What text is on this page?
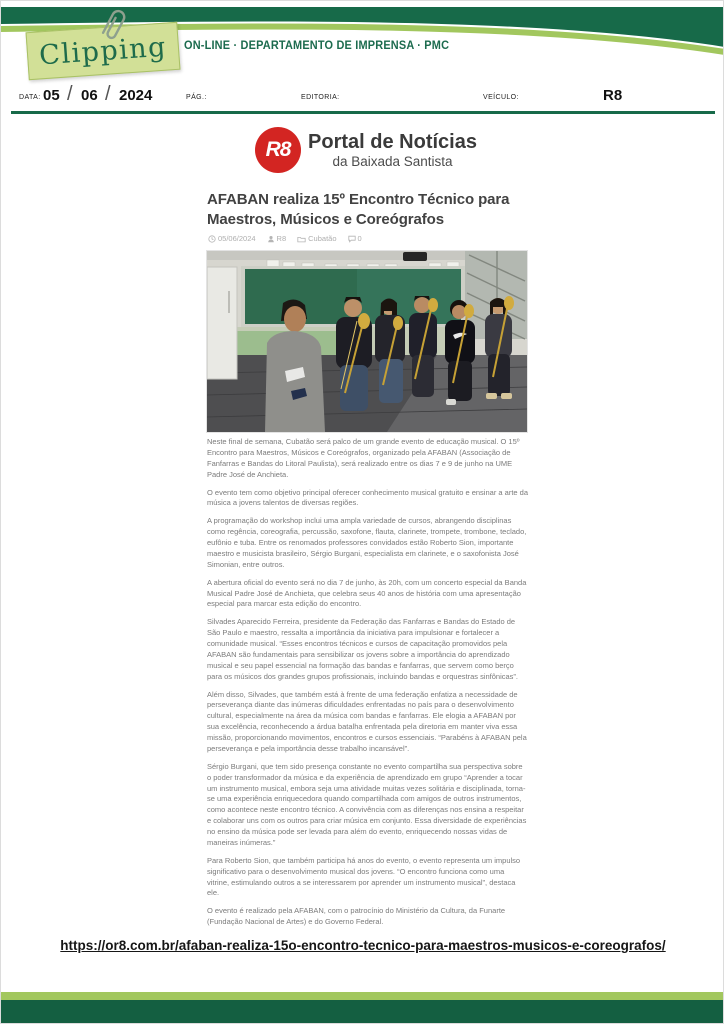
Clipping ON-LINE · DEPARTAMENTO DE IMPRENSA · PMC
DATA: 05 / 06 / 2024	PÁG.:	EDITORIA:	VEÍCULO:	R8
R8 Portal de Notícias
da Baixada Santista
AFABAN realiza 15º Encontro Técnico para Maestros, Músicos e Coreógrafos
05/06/2024	R8	Cubatão	0

Neste final de semana, Cubatão será palco de um grande evento de educação musical. O 15º Encontro para Maestros, Músicos e Coreógrafos, organizado pela AFABAN (Associação de Fanfarras e Bandas do Litoral Paulista), será realizado entre os dias 7 e 9 de junho na UME Padre José de Anchieta.

O evento tem como objetivo principal oferecer conhecimento musical gratuito e ensinar a arte da música a jovens talentos de diversas regiões.

A programação do workshop inclui uma ampla variedade de cursos, abrangendo disciplinas como regência, coreografia, percussão, saxofone, flauta, clarinete, trompete, trombone, teclado, eufônio e tuba. Entre os renomados professores convidados estão Roberto Sion, importante maestro e musicista brasileiro, Sérgio Burgani, especialista em clarinete, e o saxofonista José Simonian, entre outros.

A abertura oficial do evento será no dia 7 de junho, às 20h, com um concerto especial da Banda Musical Padre José de Anchieta, que celebra seus 40 anos de história com uma apresentação especial para marcar esta edição do encontro.

Silvades Aparecido Ferreira, presidente da Federação das Fanfarras e Bandas do Estado de São Paulo e maestro, ressalta a importância da iniciativa para impulsionar e fortalecer a comunidade musical. “Esses encontros técnicos e cursos de capacitação promovidos pela AFABAN são fundamentais para sensibilizar os jovens sobre a importância do aprendizado musical e seu papel essencial na formação das bandas e fanfarras, que servem como berço para os músicos dos grandes grupos profissionais, incluindo bandas e orquestras sinfônicas”.

Além disso, Silvades, que também está à frente de uma federação enfatiza a necessidade de perseverança diante das inúmeras dificuldades enfrentadas no país para o desenvolvimento cultural, especialmente na área da música com bandas e fanfarras. Ele elogia a AFABAN por sua excelência, reconhecendo a árdua batalha enfrentada pela diretoria em manter viva essa missão, proporcionando movimentos, encontros e cursos essenciais. “Parabéns à AFABAN pela perseverança e pela importância desse trabalho incansável”.

Sérgio Burgani, que tem sido presença constante no evento compartilha sua perspectiva sobre o poder transformador da música e da experiência de aprendizado em grupo “Aprender a tocar um instrumento musical, embora seja uma atividade muitas vezes solitária e disciplinada, torna-se uma experiência enriquecedora quando compartilhada com amigos de outros instrumentos, como acontece neste encontro técnico. A convivência com as diferenças nos ensina a respeitar e colaborar uns com os outros para criar música em conjunto. Essa diversidade de experiências no ensino da música pode ser levada para além do evento, enriquecendo nossas vidas de maneiras inúmeras.”

Para Roberto Sion, que também participa há anos do evento, o evento representa um impulso significativo para o desenvolvimento musical dos jovens. “O encontro funciona como uma vitrine, estimulando outros a se interessarem por aprender um instrumento musical”, destaca ele.

O evento é realizado pela AFABAN, com o patrocínio do Ministério da Cultura, da Funarte (Fundação Nacional de Artes) e do Governo Federal.

https://or8.com.br/afaban-realiza-15o-encontro-tecnico-para-maestros-musicos-e-coreografos/
